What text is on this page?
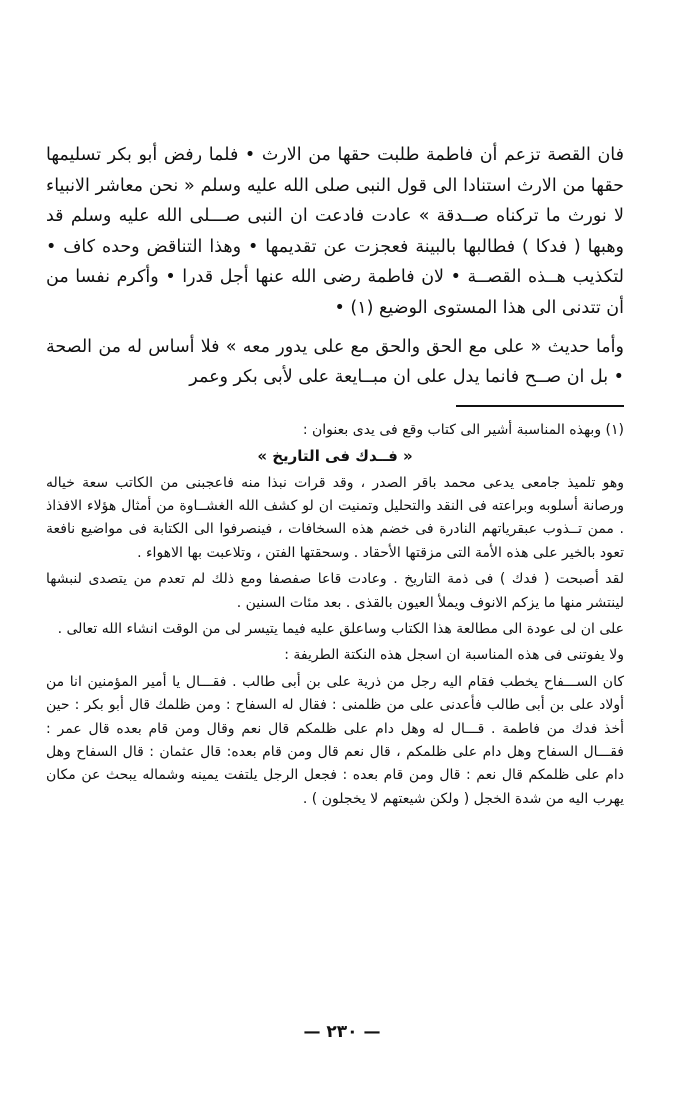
فان القصة تزعم أن فاطمة طلبت حقها من الارث • فلما رفض أبو بكر تسليمها حقها من الارث استنادا الى قول النبى صلى الله عليه وسلم « نحن معاشر الانبياء لا نورث ما تركناه صــدقة » عادت فادعت ان النبى صـــلى الله عليه وسلم قد وهبها ( فدكا ) فطالبها بالبينة فعجزت عن تقديمها • وهذا التناقض وحده كاف • لتكذيب هــذه القصــة • لان فاطمة رضى الله عنها أجل قدرا • وأكرم نفسا من أن تتدنى الى هذا المستوى الوضيع (١) •

وأما حديث « على مع الحق والحق مع على يدور معه » فلا أساس له من الصحة • بل ان صــح فانما يدل على ان مبــايعة على لأبى بكر وعمر

(١) وبهذه المناسبة أشير الى كتاب وقع فى يدى بعنوان :

« فــدك فى التاريخ »

وهو تلميذ جامعى يدعى محمد باقر الصدر ، وقد قرات نبذا منه فاعجبنى من الكاتب سعة خياله ورصانة أسلوبه وبراعته فى النقد والتحليل وتمنيت ان لو كشف الله الغشــاوة من أمثال هؤلاء الافذاذ . ممن تــذوب عبقرياتهم النادرة فى خضم هذه السخافات ، فينصرفوا الى الكتابة فى مواضيع نافعة تعود بالخير على هذه الأمة التى مزقتها الأحقاد . وسحقتها الفتن ، وتلاعبت بها الاهواء .

لقد أصبحت ( فدك ) فى ذمة التاريخ . وعادت قاعا صفصفا ومع ذلك لم تعدم من يتصدى لنبشها لينتشر منها ما يزكم الانوف ويملأ العيون بالقذى . بعد مئات السنين .

على ان لى عودة الى مطالعة هذا الكتاب وساعلق عليه فيما يتيسر لى من الوقت انشاء الله تعالى .

ولا يفوتنى فى هذه المناسبة ان اسجل هذه النكتة الطريفة :

كان الســـفاح يخطب فقام اليه رجل من ذرية على بن أبى طالب . فقـــال يا أمير المؤمنين انا من أولاد على بن أبى طالب فأعدنى على من ظلمنى : فقال له السفاح : ومن ظلمك قال أبو بكر : حين أخذ فدك من فاطمة . قـــال له وهل دام على ظلمكم قال نعم وقال ومن قام بعده قال عمر : فقـــال السفاح وهل دام على ظلمكم ، قال نعم قال ومن قام بعده: قال عثمان : قال السفاح وهل دام على ظلمكم قال نعم : قال ومن قام بعده : فجعل الرجل يلتفت يمينه وشماله يبحث عن مكان يهرب اليه من شدة الخجل ( ولكن شيعتهم لا يخجلون ) .

— ٢٣٠ —
